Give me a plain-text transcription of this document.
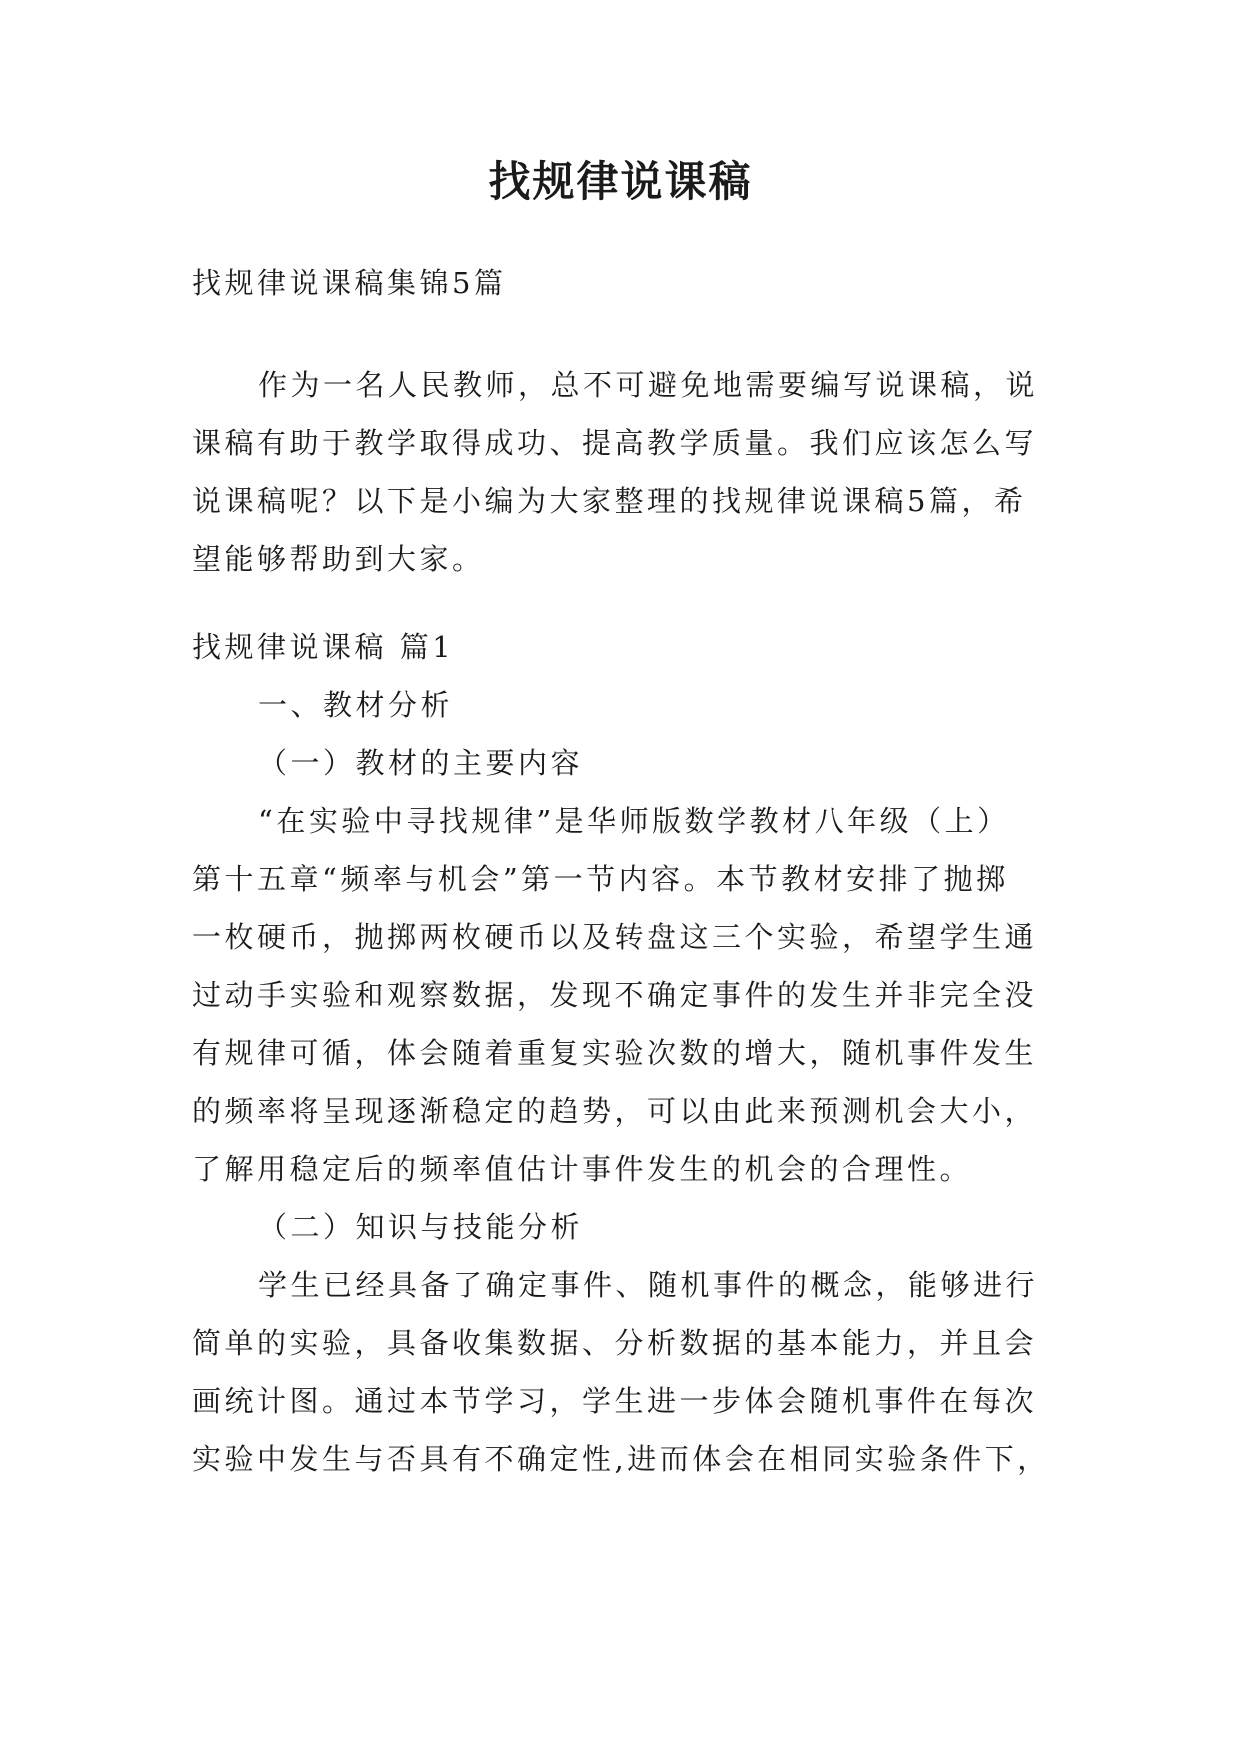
找规律说课稿
找规律说课稿集锦5篇
作为一名人民教师，总不可避免地需要编写说课稿，说
课稿有助于教学取得成功、提高教学质量。我们应该怎么写
说课稿呢？以下是小编为大家整理的找规律说课稿5篇，希
望能够帮助到大家。
找规律说课稿 篇1
一、教材分析
（一）教材的主要内容
“在实验中寻找规律”是华师版数学教材八年级（上）
第十五章“频率与机会”第一节内容。本节教材安排了抛掷
一枚硬币，抛掷两枚硬币以及转盘这三个实验，希望学生通
过动手实验和观察数据，发现不确定事件的发生并非完全没
有规律可循，体会随着重复实验次数的增大，随机事件发生
的频率将呈现逐渐稳定的趋势，可以由此来预测机会大小，
了解用稳定后的频率值估计事件发生的机会的合理性。
（二）知识与技能分析
学生已经具备了确定事件、随机事件的概念，能够进行
简单的实验，具备收集数据、分析数据的基本能力，并且会
画统计图。通过本节学习，学生进一步体会随机事件在每次
实验中发生与否具有不确定性,进而体会在相同实验条件下，
